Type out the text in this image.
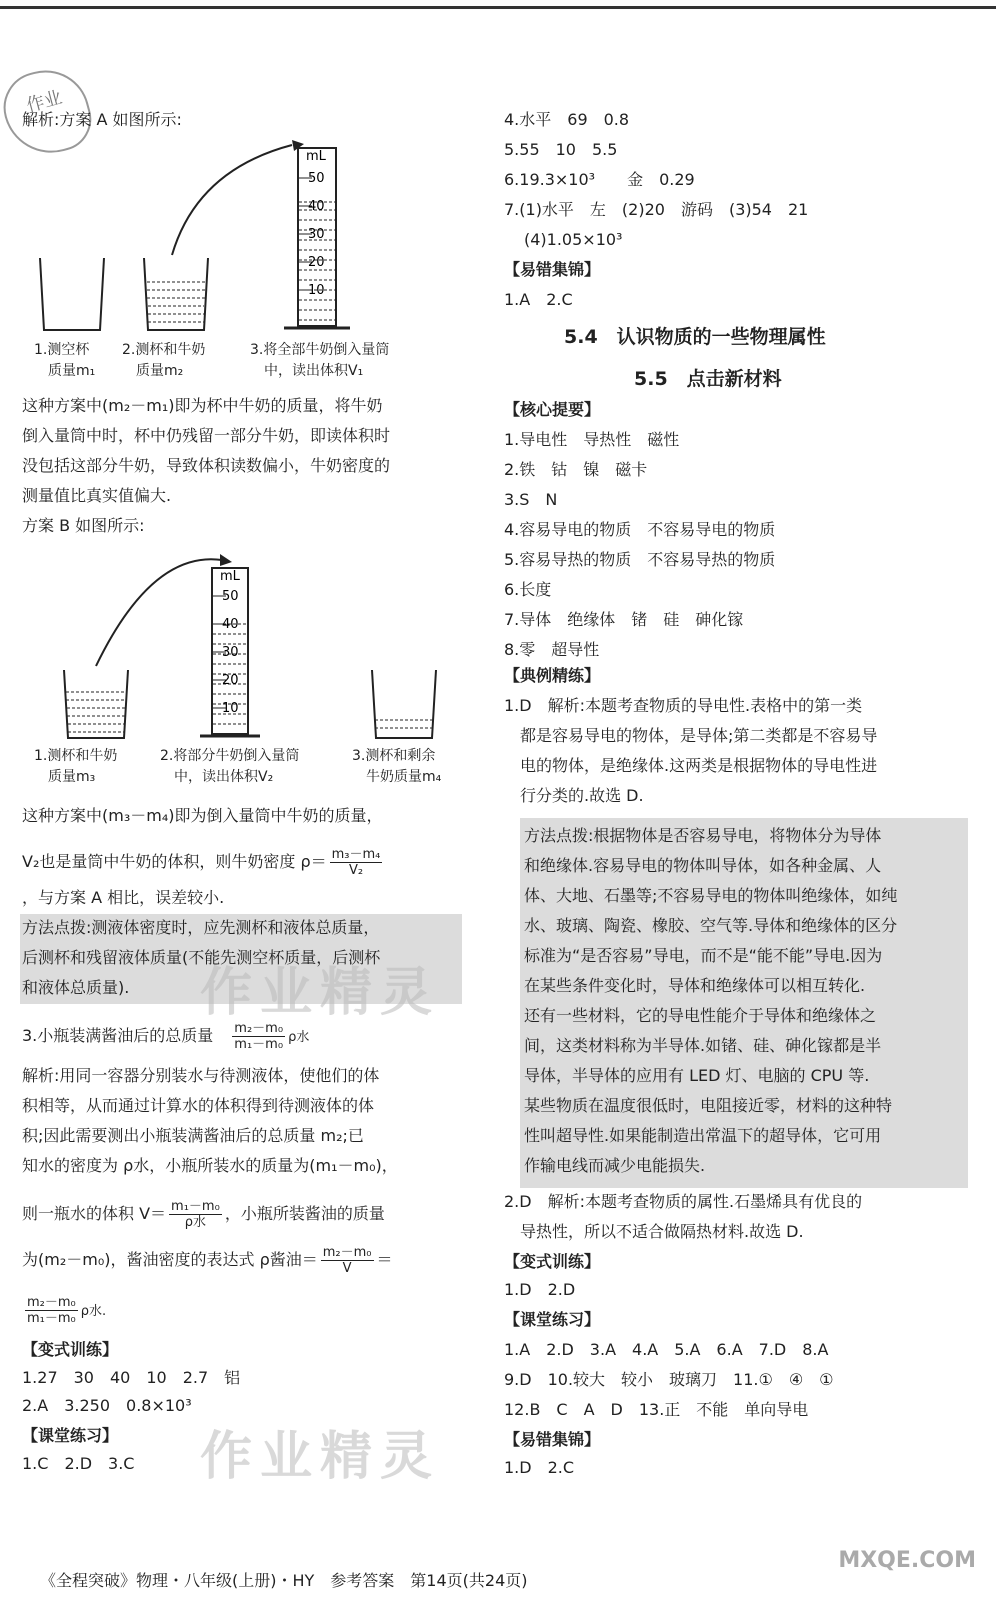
作业
解析:方案 A 如图所示:
mL
50
40
30
20
10
1.测空杯
质量m₁
2.测杯和牛奶
质量m₂
3.将全部牛奶倒入量筒
中，读出体积V₁
这种方案中(m₂－m₁)即为杯中牛奶的质量，将牛奶
倒入量筒中时，杯中仍残留一部分牛奶，即读体积时
没包括这部分牛奶，导致体积读数偏小，牛奶密度的
测量值比真实值偏大.
方案 B 如图所示:
mL
50
40
30
20
10
1.测杯和牛奶
质量m₃
2.将部分牛奶倒入量筒
中，读出体积V₂
3.测杯和剩余
牛奶质量m₄
这种方案中(m₃－m₄)即为倒入量筒中牛奶的质量，
V₂也是量筒中牛奶的体积，则牛奶密度 $\rho= \frac{\text{m₃－m₄}}{\text{V₂}}$
，与方案 A 相比，误差较小.
方法点拨:测液体密度时，应先测杯和液体总质量，
后测杯和残留液体质量(不能先测空杯质量，后测杯
和液体总质量).
3.小瓶装满酱油后的总质量　 $\frac{\text{m₂－m₀}}{\text{m₁－m₀}}$ ρ水
解析:用同一容器分别装水与待测液体，使他们的体
积相等，从而通过计算水的体积得到待测液体的体
积;因此需要测出小瓶装满酱油后的总质量 m₂;已
知水的密度为 ρ水，小瓶所装水的质量为(m₁－m₀)，
则一瓶水的体积 $V= \frac{\text{m₁－m₀}}{\text{ρ水}}$ ，小瓶所装酱油的质量
为(m₂－m₀)，酱油密度的表达式 ρ酱油＝ $\frac{\text{m₂－m₀}}{V}$ ＝
$\frac{\text{m₂－m₀}}{\text{m₁－m₀}}$ ρ水.
【变式训练】
1.27　30　40　10　2.7　铝
2.A　3.250　0.8×10³
【课堂练习】
1.C　2.D　3.C
作业精灵
作业精灵
4.水平　69　0.8
5.55　10　5.5
6.19.3×10³　　金　0.29
7.(1)水平　左　(2)20　游码　(3)54　21
(4)1.05×10³
【易错集锦】
1.A　2.C
5.4　认识物质的一些物理属性
5.5　点击新材料
【核心提要】
1.导电性　导热性　磁性
2.铁　钴　镍　磁卡
3.S　N
4.容易导电的物质　不容易导电的物质
5.容易导热的物质　不容易导热的物质
6.长度
7.导体　绝缘体　锗　硅　砷化镓
8.零　超导性
【典例精练】
1.D　解析:本题考查物质的导电性.表格中的第一类
　都是容易导电的物体，是导体;第二类都是不容易导
　电的物体，是绝缘体.这两类是根据物体的导电性进
　行分类的.故选 D.
方法点拨:根据物体是否容易导电，将物体分为导体
和绝缘体.容易导电的物体叫导体，如各种金属、人
体、大地、石墨等;不容易导电的物体叫绝缘体，如纯
水、玻璃、陶瓷、橡胶、空气等.导体和绝缘体的区分
标准为“是否容易”导电，而不是“能不能”导电.因为
在某些条件变化时，导体和绝缘体可以相互转化.
还有一些材料，它的导电性能介于导体和绝缘体之
间，这类材料称为半导体.如锗、硅、砷化镓都是半
导体，半导体的应用有 LED 灯、电脑的 CPU 等.
某些物质在温度很低时，电阻接近零，材料的这种特
性叫超导性.如果能制造出常温下的超导体，它可用
作输电线而减少电能损失.
2.D　解析:本题考查物质的属性.石墨烯具有优良的
　导热性，所以不适合做隔热材料.故选 D.
【变式训练】
1.D　2.D
【课堂练习】
1.A　2.D　3.A　4.A　5.A　6.A　7.D　8.A
9.D　10.较大　较小　玻璃刀　11.①　④　①
12.B　C　A　D　13.正　不能　单向导电
【易错集锦】
1.D　2.C
《全程突破》物理・八年级(上册)・HY　参考答案　第14页(共24页)
MXQE.COM
